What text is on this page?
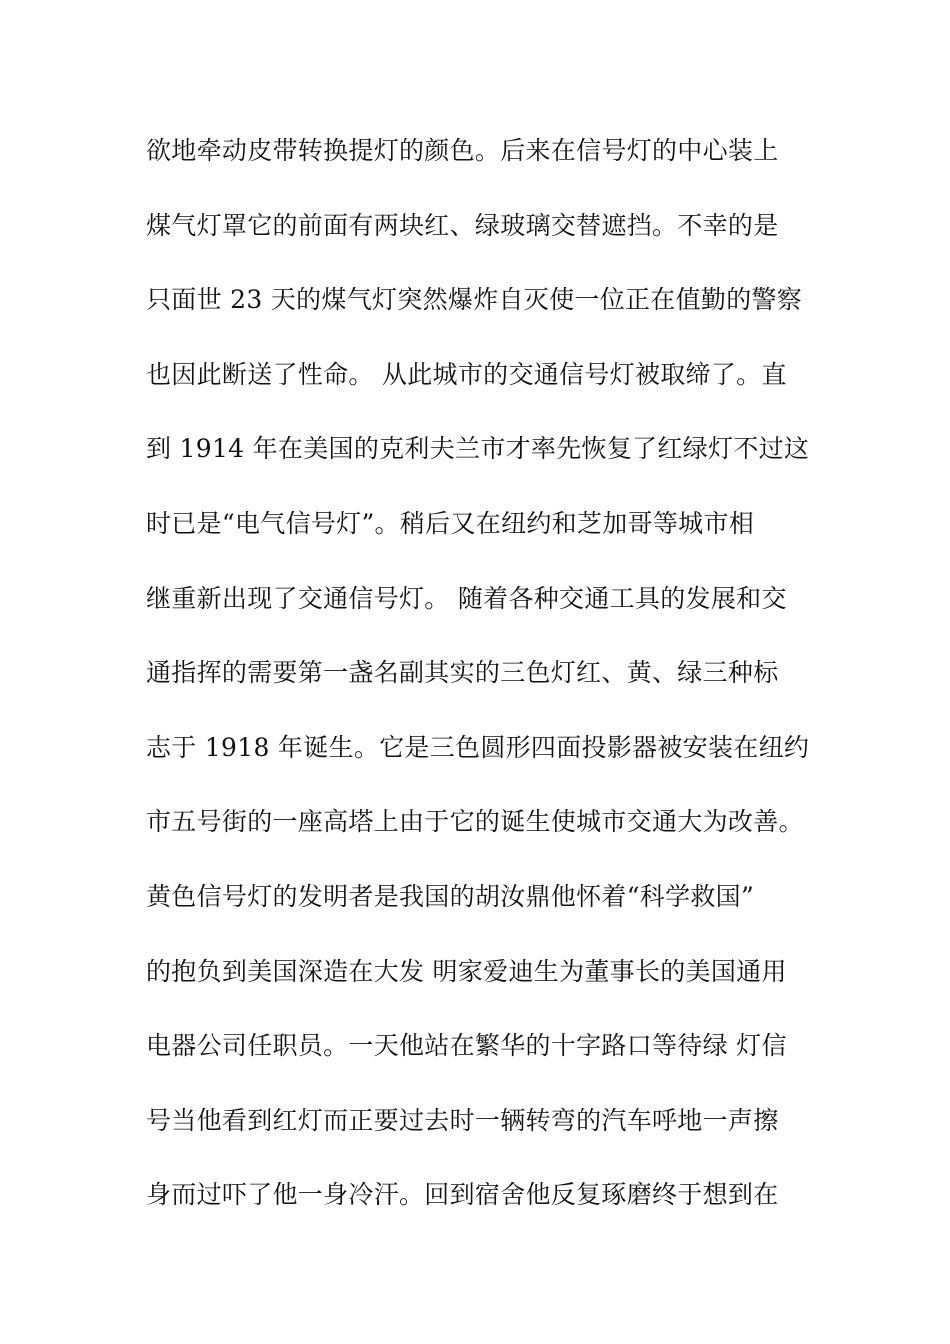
欲地牵动皮带转换提灯的颜色。后来在信号灯的中心装上
煤气灯罩它的前面有两块红、绿玻璃交替遮挡。不幸的是
只面世 23 天的煤气灯突然爆炸自灭使一位正在值勤的警察
也因此断送了性命。 从此城市的交通信号灯被取缔了。直
到 1914 年在美国的克利夫兰市才率先恢复了红绿灯不过这
时已是“电气信号灯”。稍后又在纽约和芝加哥等城市相
继重新出现了交通信号灯。 随着各种交通工具的发展和交
通指挥的需要第一盏名副其实的三色灯红、黄、绿三种标
志于 1918 年诞生。它是三色圆形四面投影器被安装在纽约
市五号街的一座高塔上由于它的诞生使城市交通大为改善。
黄色信号灯的发明者是我国的胡汝鼎他怀着“科学救国”
的抱负到美国深造在大发 明家爱迪生为董事长的美国通用
电器公司任职员。一天他站在繁华的十字路口等待绿 灯信
号当他看到红灯而正要过去时一辆转弯的汽车呼地一声擦
身而过吓了他一身冷汗。回到宿舍他反复琢磨终于想到在
